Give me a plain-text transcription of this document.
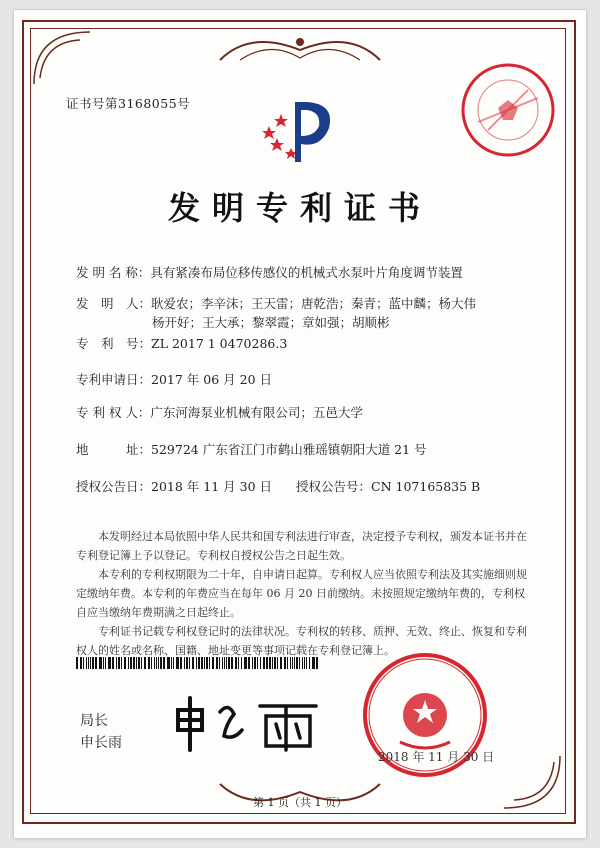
证书号第3168055号
发明专利证书
发 明 名 称：具有紧凑布局位移传感仪的机械式水泵叶片角度调节装置
发　明　人：耿爱农；李辛沫；王天雷；唐乾浩；秦青；蓝中麟；杨大伟
杨开好；王大承；黎翠霞；章如强；胡顺彬
专　利　号：ZL 2017 1 0470286.3
专利申请日：2017 年 06 月 20 日
专 利 权 人：广东河海泵业机械有限公司；五邑大学
地　　　址：529724 广东省江门市鹤山雅瑶镇朝阳大道 21 号
授权公告日：2018 年 11 月 30 日 授权公告号：CN 107165835 B

本发明经过本局依照中华人民共和国专利法进行审查，决定授予专利权，颁发本证书并在专利登记簿上予以登记。专利权自授权公告之日起生效。

本专利的专利权期限为二十年，自申请日起算。专利权人应当依照专利法及其实施细则规定缴纳年费。本专利的年费应当在每年 06 月 20 日前缴纳。未按照规定缴纳年费的，专利权自应当缴纳年费期满之日起终止。

专利证书记载专利权登记时的法律状况。专利权的转移、质押、无效、终止、恢复和专利权人的姓名或名称、国籍、地址变更等事项记载在专利登记簿上。

局长
申长雨
2018 年 11 月 30 日
第 1 页（共 1 页）
